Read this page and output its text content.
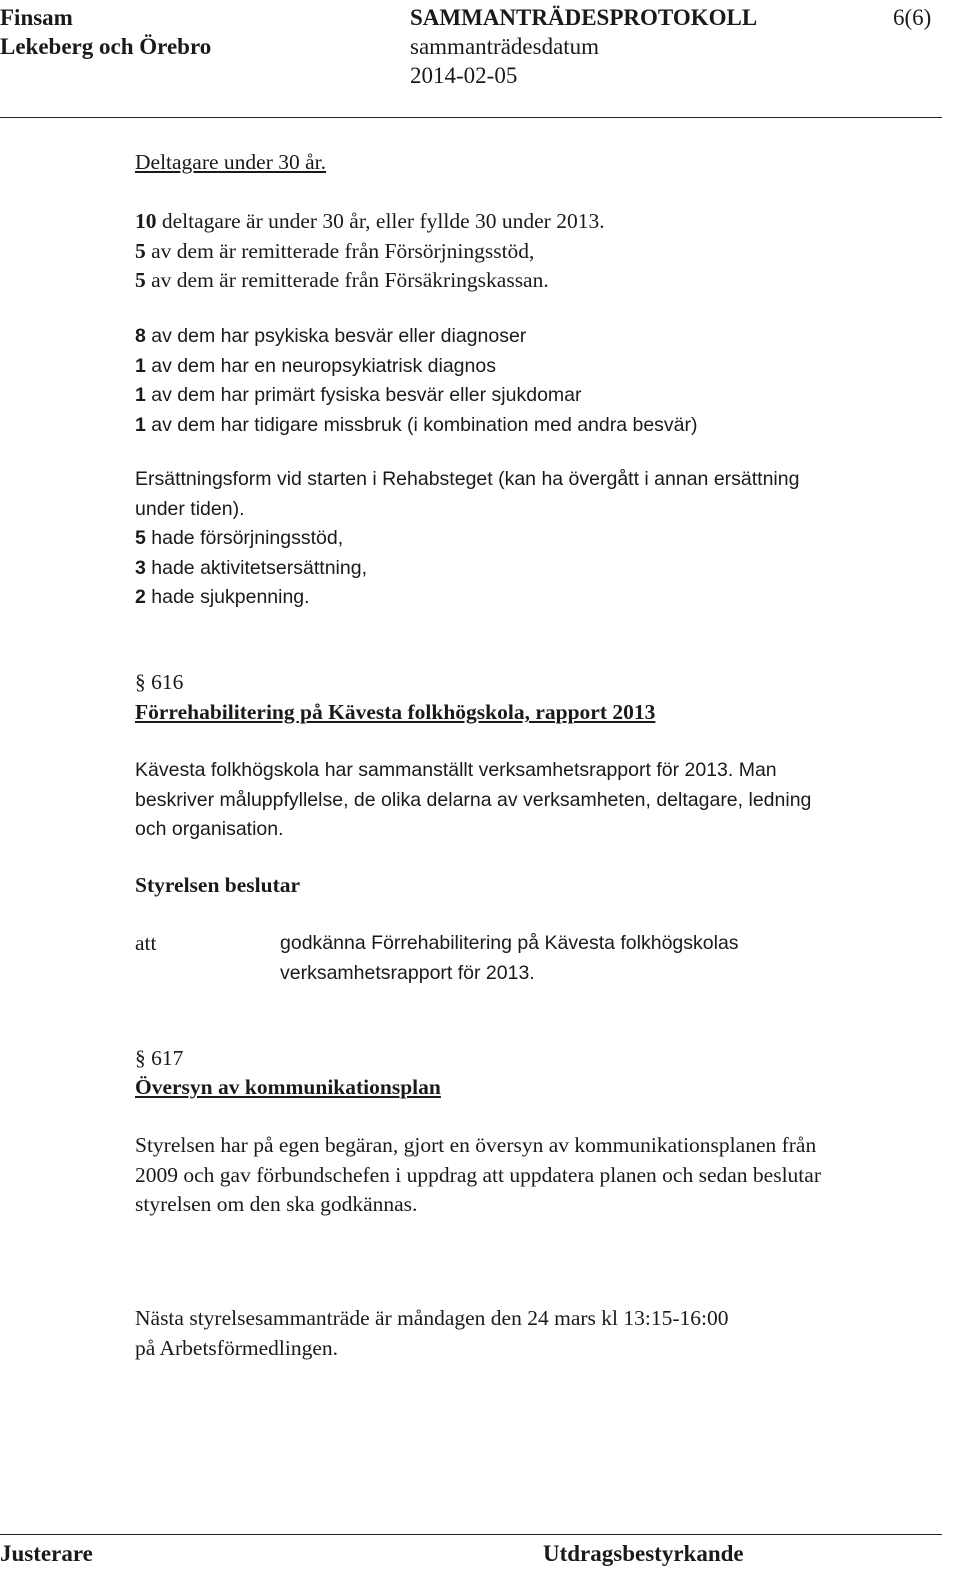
Finsam
Lekeberg och Örebro
SAMMANTRÄDESPROTOKOLL
sammanträdesdatum
2014-02-05
6(6)
Deltagare under 30 år.
10 deltagare är under 30 år, eller fyllde 30 under 2013.
5 av dem är remitterade från Försörjningsstöd,
5 av dem är remitterade från Försäkringskassan.
8 av dem har psykiska besvär eller diagnoser
1 av dem har en neuropsykiatrisk diagnos
1 av dem har primärt fysiska besvär eller sjukdomar
1 av dem har tidigare missbruk (i kombination med andra besvär)
Ersättningsform vid starten i Rehabsteget (kan ha övergått i annan ersättning
under tiden).
5 hade försörjningsstöd,
3 hade aktivitetsersättning,
2 hade sjukpenning.
§ 616
Förrehabilitering på Kävesta folkhögskola, rapport 2013
Kävesta folkhögskola har sammanställt verksamhetsrapport för 2013. Man
beskriver måluppfyllelse, de olika delarna av verksamheten, deltagare, ledning
och organisation.
Styrelsen beslutar
att	godkänna Förrehabilitering på Kävesta folkhögskolas
verksamhetsrapport för 2013.
§ 617
Översyn av kommunikationsplan
Styrelsen har på egen begäran, gjort en översyn av kommunikationsplanen från
2009 och gav förbundschefen i uppdrag att uppdatera planen och sedan beslutar
styrelsen om den ska godkännas.
Nästa styrelsesammanträde är måndagen den 24 mars kl 13:15-16:00
på Arbetsförmedlingen.
Justerare	Utdragsbestyrkande
